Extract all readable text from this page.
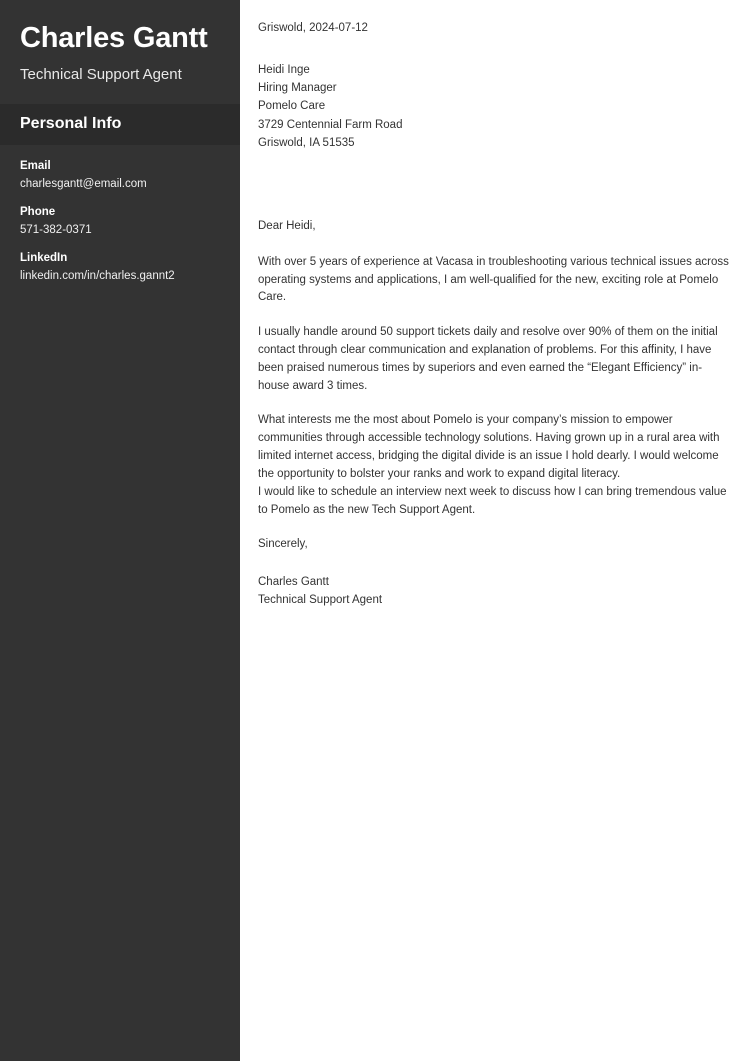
Charles Gantt

Technical Support Agent

Personal Info

Email

charlesgantt@email.com

Phone

571-382-0371

LinkedIn

linkedin.com/in/charles.gannt2

Griswold, 2024-07-12
Heidi Inge
Hiring Manager
Pomelo Care
3729 Centennial Farm Road
Griswold, IA 51535

Dear Heidi,

With over 5 years of experience at Vacasa in troubleshooting various technical issues across operating systems and applications, I am well-qualified for the new, exciting role at Pomelo Care.

I usually handle around 50 support tickets daily and resolve over 90% of them on the initial contact through clear communication and explanation of problems. For this affinity, I have been praised numerous times by superiors and even earned the “Elegant Efficiency” in-house award 3 times.

What interests me the most about Pomelo is your company’s mission to empower communities through accessible technology solutions. Having grown up in a rural area with limited internet access, bridging the digital divide is an issue I hold dearly. I would welcome the opportunity to bolster your ranks and work to expand digital literacy.

I would like to schedule an interview next week to discuss how I can bring tremendous value to Pomelo as the new Tech Support Agent.

Sincerely,

Charles Gantt
Technical Support Agent
